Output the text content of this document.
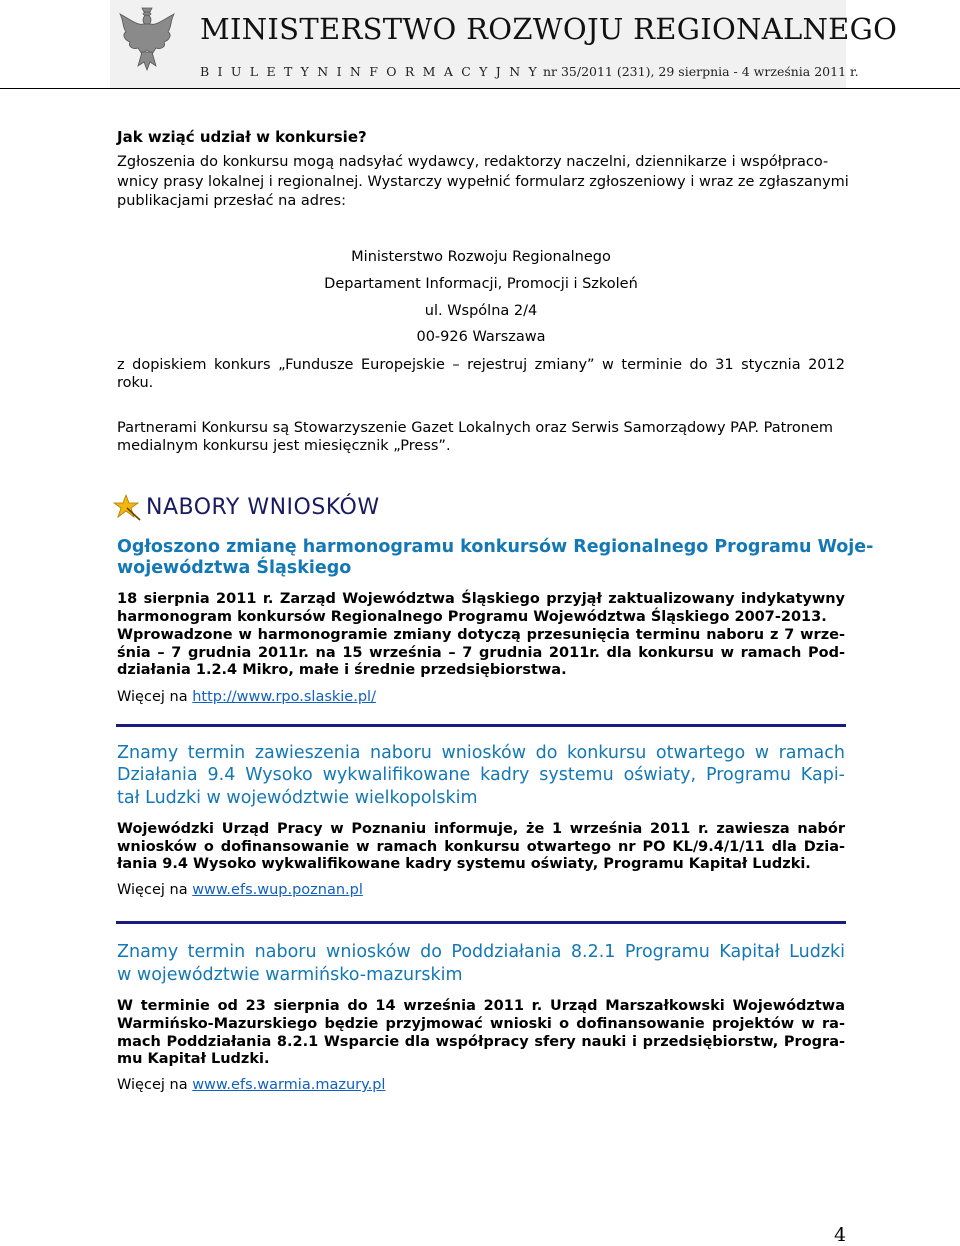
MINISTERSTWO ROZWOJU REGIONALNEGO
B I U L E T Y N I N F O R M A C Y J N Y nr 35/2011 (231), 29 sierpnia - 4 września 2011 r.
Jak wziąć udział w konkursie?
Zgłoszenia do konkursu mogą nadsyłać wydawcy, redaktorzy naczelni, dziennikarze i współpraco-
wnicy prasy lokalnej i regionalnej. Wystarczy wypełnić formularz zgłoszeniowy i wraz ze zgłaszanymi
publikacjami przesłać na adres:
Ministerstwo Rozwoju Regionalnego
Departament Informacji, Promocji i Szkoleń
ul. Wspólna 2/4
00-926 Warszawa
z dopiskiem konkurs „Fundusze Europejskie – rejestruj zmiany” w terminie do 31 stycznia 2012
roku.
Partnerami Konkursu są Stowarzyszenie Gazet Lokalnych oraz Serwis Samorządowy PAP. Patronem
medialnym konkursu jest miesięcznik „Press”.
NABORY WNIOSKÓW
Ogłoszono zmianę harmonogramu konkursów Regionalnego Programu Woje-
województwa Śląskiego
18 sierpnia 2011 r. Zarząd Województwa Śląskiego przyjął zaktualizowany indykatywny
harmonogram konkursów Regionalnego Programu Województwa Śląskiego 2007-2013.
Wprowadzone w harmonogramie zmiany dotyczą przesunięcia terminu naboru z 7 wrze-
śnia – 7 grudnia 2011r. na 15 września – 7 grudnia 2011r. dla konkursu w ramach Pod-
działania 1.2.4 Mikro, małe i średnie przedsiębiorstwa.
Więcej na http://www.rpo.slaskie.pl/
Znamy termin zawieszenia naboru wniosków do konkursu otwartego w ramach
Działania 9.4 Wysoko wykwalifikowane kadry systemu oświaty, Programu Kapi-
tał Ludzki w województwie wielkopolskim
Wojewódzki Urząd Pracy w Poznaniu informuje, że 1 września 2011 r. zawiesza nabór
wniosków o dofinansowanie w ramach konkursu otwartego nr PO KL/9.4/1/11 dla Dzia-
łania 9.4 Wysoko wykwalifikowane kadry systemu oświaty, Programu Kapitał Ludzki.
Więcej na www.efs.wup.poznan.pl
Znamy termin naboru wniosków do Poddziałania 8.2.1 Programu Kapitał Ludzki
w województwie warmińsko-mazurskim
W terminie od 23 sierpnia do 14 września 2011 r. Urząd Marszałkowski Województwa
Warmińsko-Mazurskiego będzie przyjmować wnioski o dofinansowanie projektów w ra-
mach Poddziałania 8.2.1 Wsparcie dla współpracy sfery nauki i przedsiębiorstw, Progra-
mu Kapitał Ludzki.
Więcej na www.efs.warmia.mazury.pl
4
